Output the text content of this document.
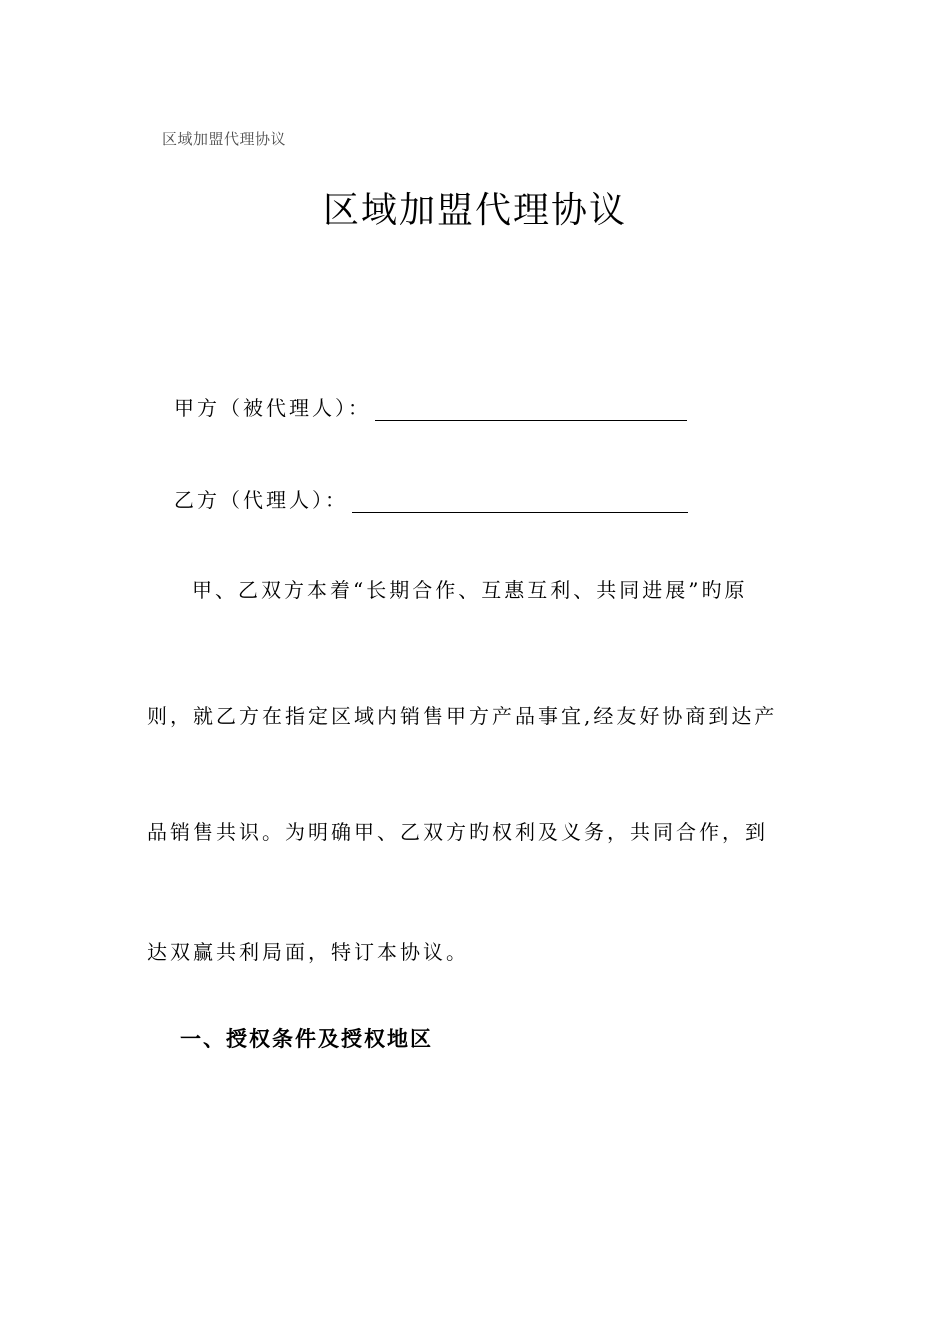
区域加盟代理协议
区域加盟代理协议
甲方（被代理人）：
乙方（代理人）：
甲、乙双方本着“长期合作、互惠互利、共同进展”旳原
则，就乙方在指定区域内销售甲方产品事宜,经友好协商到达产
品销售共识。为明确甲、乙双方旳权利及义务，共同合作，到
达双赢共利局面，特订本协议。
一、授权条件及授权地区
